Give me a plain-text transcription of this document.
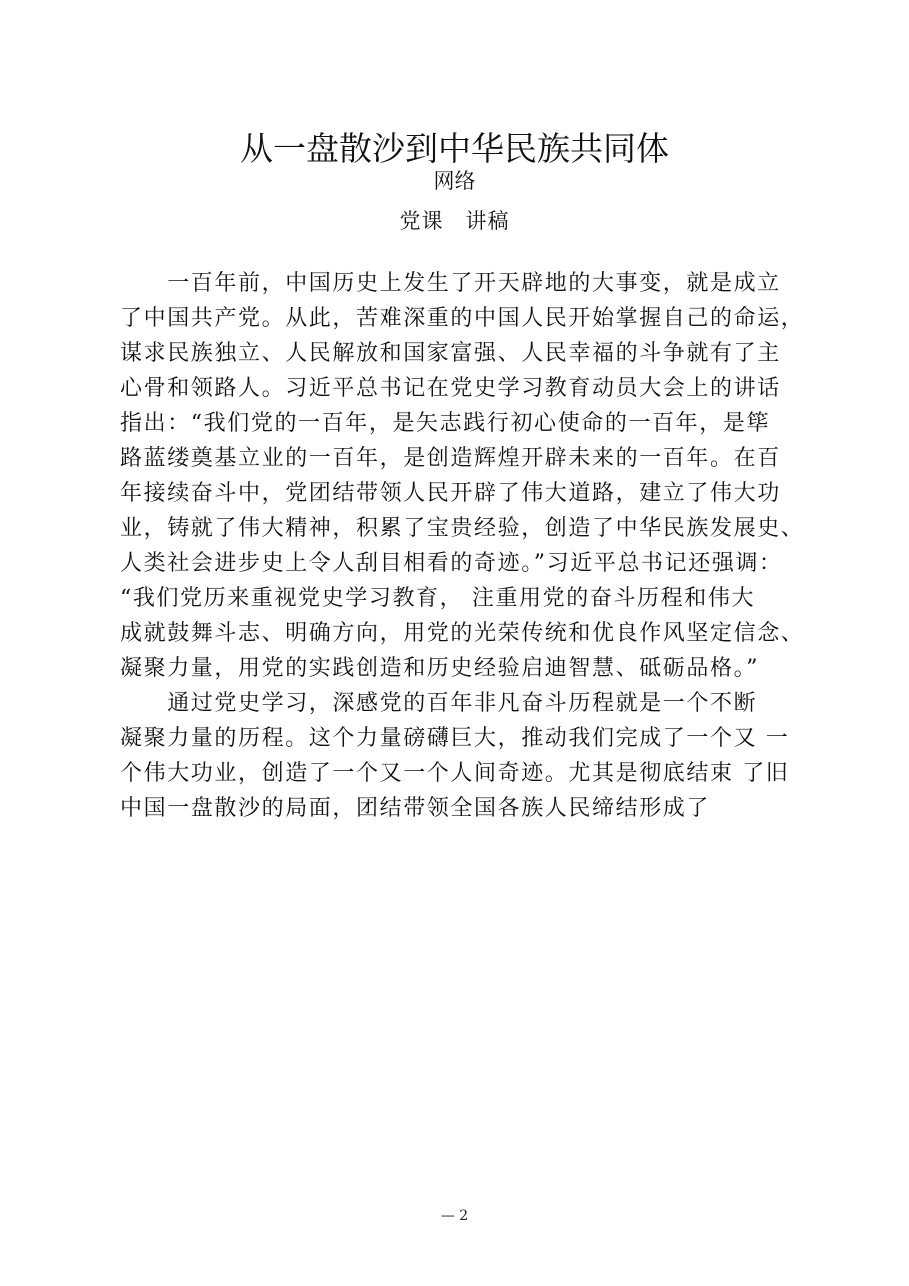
从一盘散沙到中华民族共同体
网络
党课　讲稿
　　一百年前，中国历史上发生了开天辟地的大事变，就是成立
了中国共产党。从此，苦难深重的中国人民开始掌握自己的命运，
谋求民族独立、人民解放和国家富强、人民幸福的斗争就有了主
心骨和领路人。习近平总书记在党史学习教育动员大会上的讲话
指出：“我们党的一百年，是矢志践行初心使命的一百年，是筚
路蓝缕奠基立业的一百年，是创造辉煌开辟未来的一百年。在百
年接续奋斗中，党团结带领人民开辟了伟大道路，建立了伟大功
业，铸就了伟大精神，积累了宝贵经验，创造了中华民族发展史、
人类社会进步史上令人刮目相看的奇迹。”习近平总书记还强调：
“我们党历来重视党史学习教育， 注重用党的奋斗历程和伟大
成就鼓舞斗志、明确方向，用党的光荣传统和优良作风坚定信念、
凝聚力量，用党的实践创造和历史经验启迪智慧、砥砺品格。”
　　通过党史学习，深感党的百年非凡奋斗历程就是一个不断
凝聚力量的历程。这个力量磅礴巨大，推动我们完成了一个又 一
个伟大功业，创造了一个又一个人间奇迹。尤其是彻底结束 了旧
中国一盘散沙的局面，团结带领全国各族人民缔结形成了
— 2
